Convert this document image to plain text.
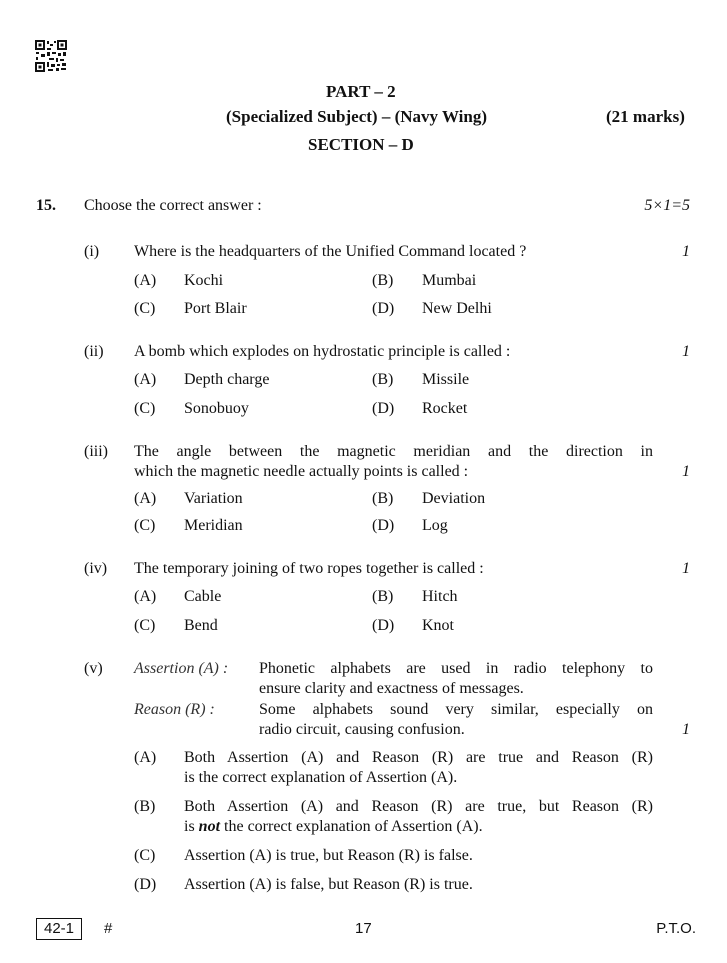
PART – 2
(Specialized Subject) – (Navy Wing)	(21 marks)
SECTION – D
15. Choose the correct answer :	5×1=5
(i) Where is the headquarters of the Unified Command located ?	1
(A) Kochi	(B) Mumbai
(C) Port Blair	(D) New Delhi
(ii) A bomb which explodes on hydrostatic principle is called :	1
(A) Depth charge	(B) Missile
(C) Sonobuoy	(D) Rocket
(iii) The angle between the magnetic meridian and the direction in
which the magnetic needle actually points is called :	1
(A) Variation	(B) Deviation
(C) Meridian	(D) Log
(iv) The temporary joining of two ropes together is called :	1
(A) Cable	(B) Hitch
(C) Bend	(D) Knot
(v) Assertion (A) : Phonetic alphabets are used in radio telephony to
ensure clarity and exactness of messages.
Reason (R) :	Some alphabets sound very similar, especially on
radio circuit, causing confusion.	1
(A) Both Assertion (A) and Reason (R) are true and Reason (R)
is the correct explanation of Assertion (A).
(B) Both Assertion (A) and Reason (R) are true, but Reason (R)
is not the correct explanation of Assertion (A).
(C) Assertion (A) is true, but Reason (R) is false.
(D) Assertion (A) is false, but Reason (R) is true.
42-1	#	17	P.T.O.
